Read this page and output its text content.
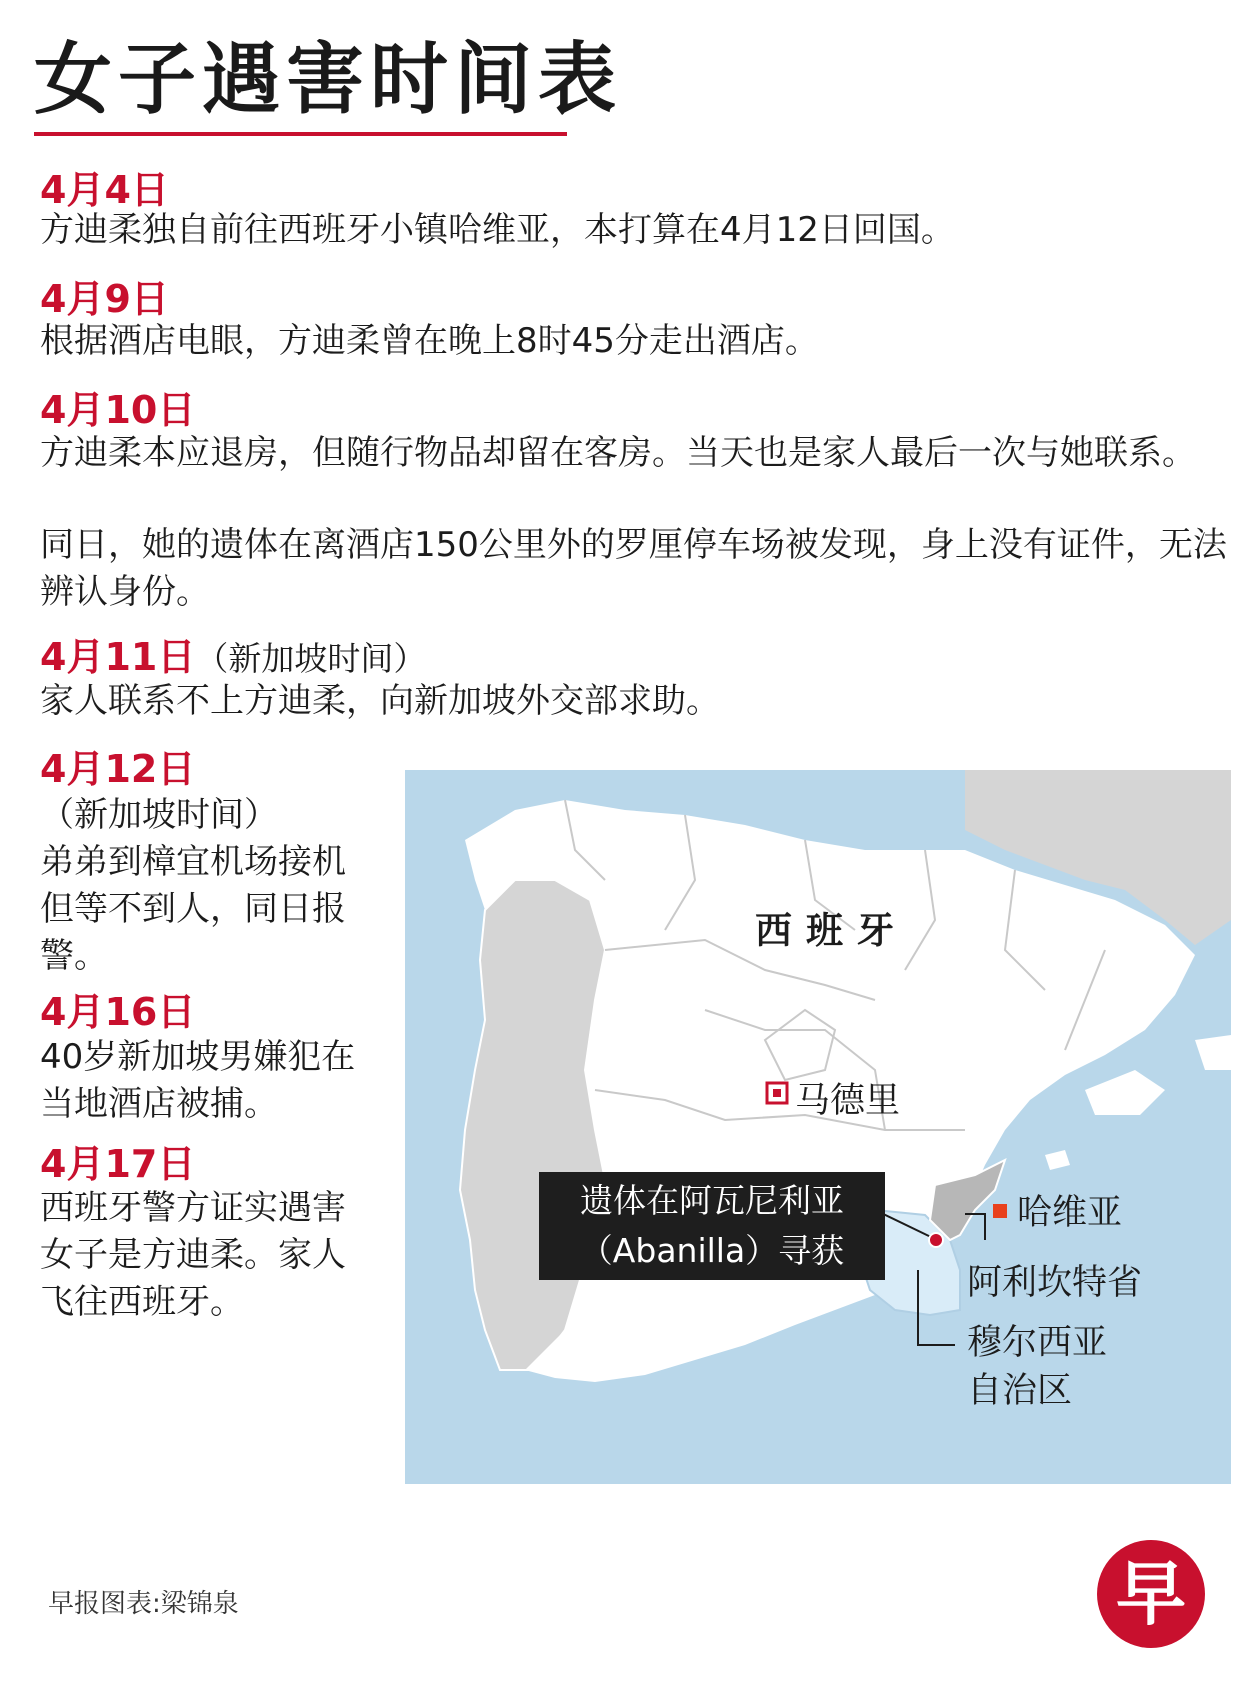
女子遇害时间表
4月4日

方迪柔独自前往西班牙小镇哈维亚，本打算在4月12日回国。

4月9日

根据酒店电眼，方迪柔曾在晚上8时45分走出酒店。

4月10日

方迪柔本应退房，但随行物品却留在客房。当天也是家人最后一次与她联系。

同日，她的遗体在离酒店150公里外的罗厘停车场被发现，身上没有证件，无法辨认身份。

4月11日（新加坡时间）

家人联系不上方迪柔，向新加坡外交部求助。

4月12日

（新加坡时间）

弟弟到樟宜机场接机但等不到人，同日报警。

4月16日

40岁新加坡男嫌犯在当地酒店被捕。

4月17日

西班牙警方证实遇害女子是方迪柔。家人飞往西班牙。

西班牙
马德里
哈维亚
阿利坎特省
穆尔西亚
自治区
遗体在阿瓦尼利亚
（Abanilla）寻获
早报图表:梁锦泉	早
